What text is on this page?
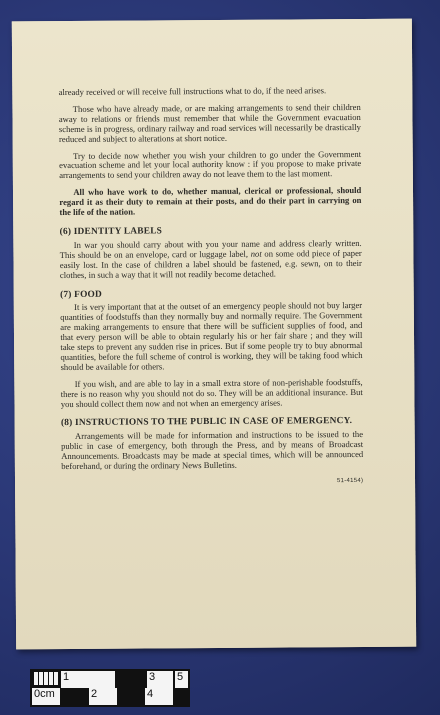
already received or will receive full instructions what to do, if the need arises.

Those who have already made, or are making arrangements to send their children away to relations or friends must remember that while the Government evacuation scheme is in progress, ordinary railway and road services will necessarily be drastically reduced and subject to alterations at short notice.

Try to decide now whether you wish your children to go under the Government evacuation scheme and let your local authority know : if you propose to make private arrangements to send your children away do not leave them to the last moment.

All who have work to do, whether manual, clerical or professional, should regard it as their duty to remain at their posts, and do their part in carrying on the life of the nation.

(6) IDENTITY LABELS

In war you should carry about with you your name and address clearly written. This should be on an envelope, card or luggage label, not on some odd piece of paper easily lost. In the case of children a label should be fastened, e.g. sewn, on to their clothes, in such a way that it will not readily become detached.

(7) FOOD

It is very important that at the outset of an emergency people should not buy larger quantities of foodstuffs than they normally buy and normally require. The Government are making arrangements to ensure that there will be sufficient supplies of food, and that every person will be able to obtain regularly his or her fair share ; and they will take steps to prevent any sudden rise in prices. But if some people try to buy abnormal quantities, before the full scheme of control is working, they will be taking food which should be available for others.

If you wish, and are able to lay in a small extra store of non-perishable foodstuffs, there is no reason why you should not do so. They will be an additional insurance. But you should collect them now and not when an emergency arises.

(8) INSTRUCTIONS TO THE PUBLIC IN CASE OF EMERGENCY.

Arrangements will be made for information and instructions to be issued to the public in case of emergency, both through the Press, and by means of Broadcast Announcements. Broadcasts may be made at special times, which will be announced beforehand, or during the ordinary News Bulletins.

51-4154)
1	3	5
0cm	2	4
